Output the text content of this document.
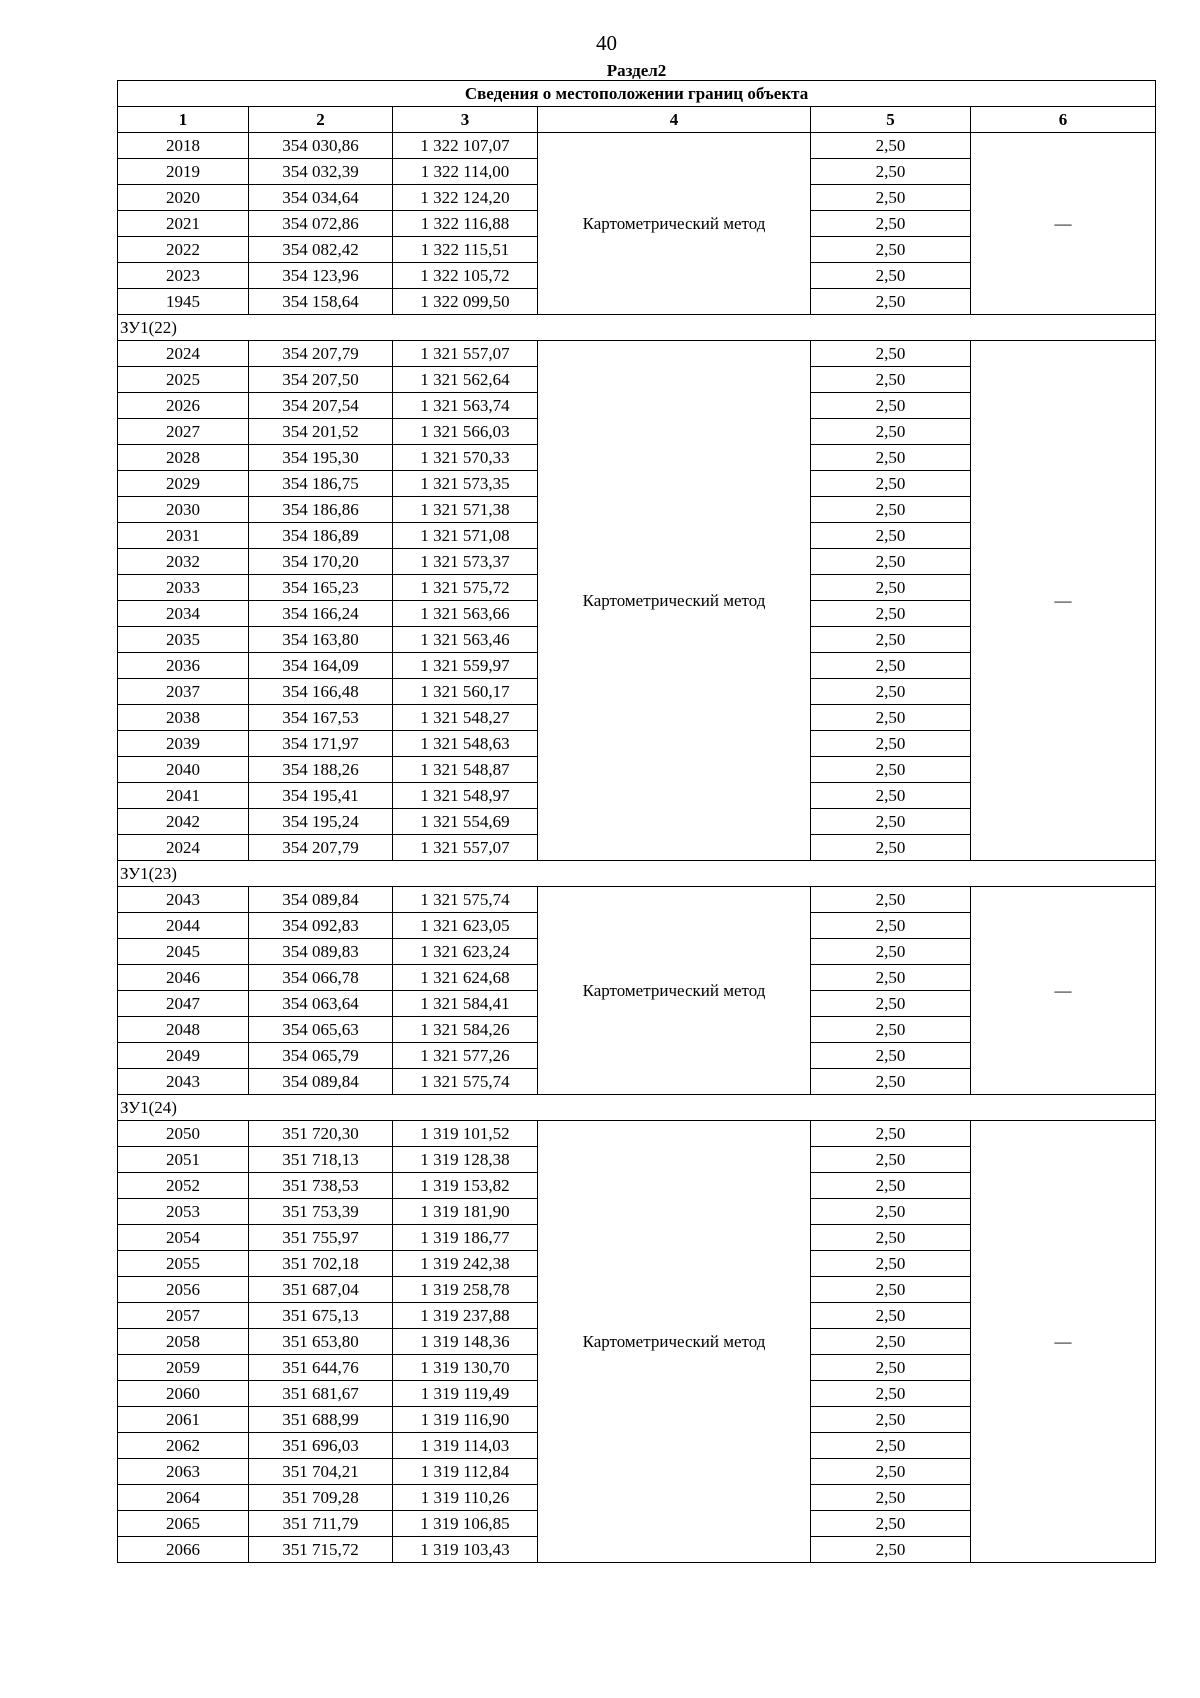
40
Раздел2
Сведения о местоположении границ объекта					
1	2	3	4	5	6
2018	354 030,86	1 322 107,07	Картометрический метод	2,50	—
2019	354 032,39	1 322 114,00		2,50	
2020	354 034,64	1 322 124,20		2,50	
2021	354 072,86	1 322 116,88		2,50	
2022	354 082,42	1 322 115,51		2,50	
2023	354 123,96	1 322 105,72		2,50	
1945	354 158,64	1 322 099,50		2,50	
ЗУ1(22)					
2024	354 207,79	1 321 557,07	Картометрический метод	2,50	—
2025	354 207,50	1 321 562,64		2,50	
2026	354 207,54	1 321 563,74		2,50	
2027	354 201,52	1 321 566,03		2,50	
2028	354 195,30	1 321 570,33		2,50	
2029	354 186,75	1 321 573,35		2,50	
2030	354 186,86	1 321 571,38		2,50	
2031	354 186,89	1 321 571,08		2,50	
2032	354 170,20	1 321 573,37		2,50	
2033	354 165,23	1 321 575,72		2,50	
2034	354 166,24	1 321 563,66		2,50	
2035	354 163,80	1 321 563,46		2,50	
2036	354 164,09	1 321 559,97		2,50	
2037	354 166,48	1 321 560,17		2,50	
2038	354 167,53	1 321 548,27		2,50	
2039	354 171,97	1 321 548,63		2,50	
2040	354 188,26	1 321 548,87		2,50	
2041	354 195,41	1 321 548,97		2,50	
2042	354 195,24	1 321 554,69		2,50	
2024	354 207,79	1 321 557,07		2,50	
ЗУ1(23)					
2043	354 089,84	1 321 575,74	Картометрический метод	2,50	—
2044	354 092,83	1 321 623,05		2,50	
2045	354 089,83	1 321 623,24		2,50	
2046	354 066,78	1 321 624,68		2,50	
2047	354 063,64	1 321 584,41		2,50	
2048	354 065,63	1 321 584,26		2,50	
2049	354 065,79	1 321 577,26		2,50	
2043	354 089,84	1 321 575,74		2,50	
ЗУ1(24)					
2050	351 720,30	1 319 101,52	Картометрический метод	2,50	—
2051	351 718,13	1 319 128,38		2,50	
2052	351 738,53	1 319 153,82		2,50	
2053	351 753,39	1 319 181,90		2,50	
2054	351 755,97	1 319 186,77		2,50	
2055	351 702,18	1 319 242,38		2,50	
2056	351 687,04	1 319 258,78		2,50	
2057	351 675,13	1 319 237,88		2,50	
2058	351 653,80	1 319 148,36		2,50	
2059	351 644,76	1 319 130,70		2,50	
2060	351 681,67	1 319 119,49		2,50	
2061	351 688,99	1 319 116,90		2,50	
2062	351 696,03	1 319 114,03		2,50	
2063	351 704,21	1 319 112,84		2,50	
2064	351 709,28	1 319 110,26		2,50	
2065	351 711,79	1 319 106,85		2,50	
2066	351 715,72	1 319 103,43		2,50	
